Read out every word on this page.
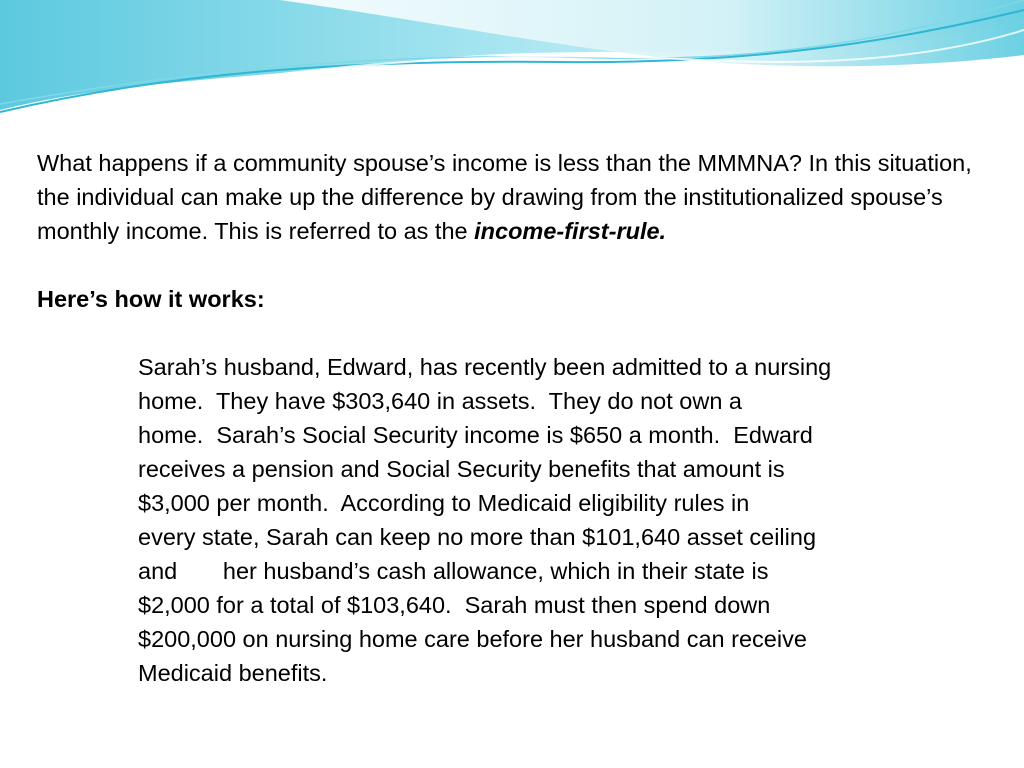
What happens if a community spouse’s income is less than the MMMNA? In this situation, the individual can make up the difference by drawing from the institutionalized spouse’s monthly income. This is referred to as the income-first-rule.

Here’s how it works:

Sarah’s husband, Edward, has recently been admitted to a nursing
home.  They have $303,640 in assets.  They do not own a
home.  Sarah’s Social Security income is $650 a month.  Edward
receives a pension and Social Security benefits that amount is
$3,000 per month.  According to Medicaid eligibility rules in
every state, Sarah can keep no more than $101,640 asset ceiling
and       her husband’s cash allowance, which in their state is
$2,000 for a total of $103,640.  Sarah must then spend down
$200,000 on nursing home care before her husband can receive
Medicaid benefits.
